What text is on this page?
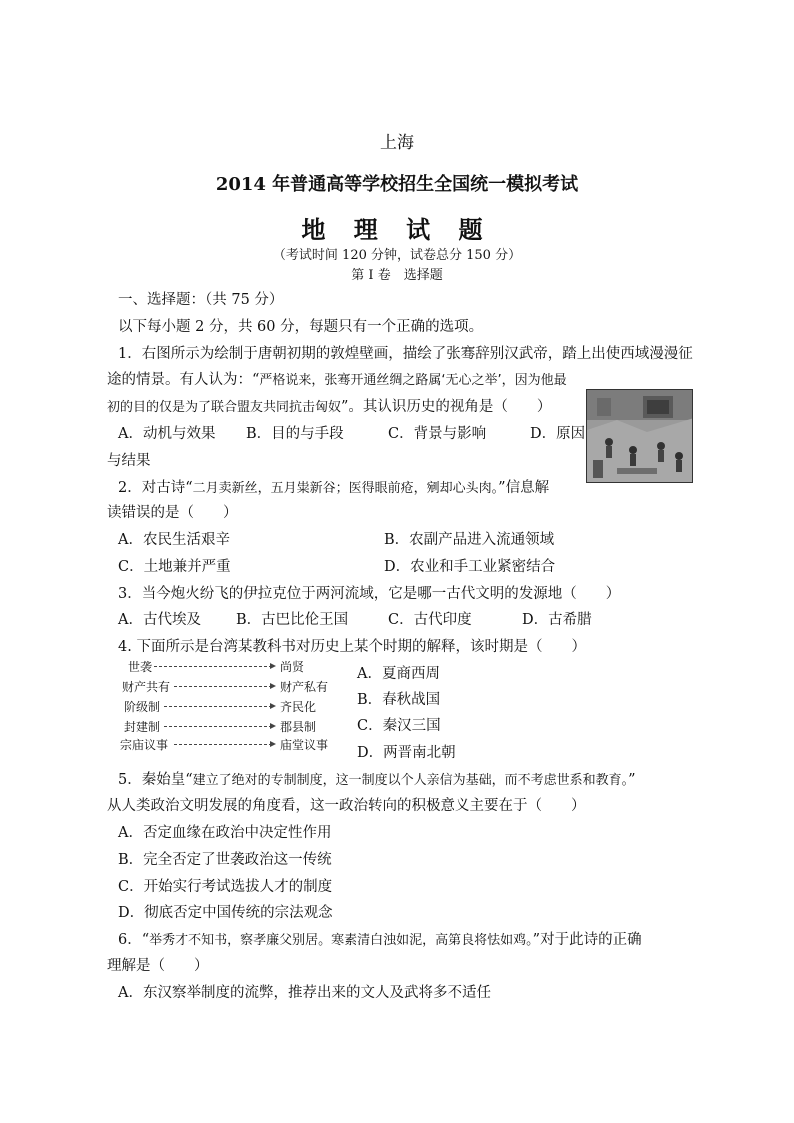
上海
2014 年普通高等学校招生全国统一模拟考试
地 理 试 题
（考试时间 120 分钟，试卷总分 150 分）
第 I 卷　选择题
一、选择题：（共 75 分）
以下每小题 2 分，共 60 分，每题只有一个正确的选项。
1．右图所示为绘制于唐朝初期的敦煌壁画，描绘了张骞辞别汉武帝，踏上出使西域漫漫征
途的情景。有人认为：“严格说来，张骞开通丝绸之路属‘无心之举’，因为他最
初的目的仅是为了联合盟友共同抗击匈奴”。其认识历史的视角是（　　）
A．动机与效果 B．目的与手段	C．背景与影响	D．原因
与结果
2．对古诗“二月卖新丝，五月粜新谷；医得眼前疮，剜却心头肉。”信息解
读错误的是（　　）
A．农民生活艰辛	B．农副产品进入流通领域
C．土地兼并严重	D．农业和手工业紧密结合
3．当今炮火纷飞的伊拉克位于两河流域，它是哪一古代文明的发源地（　　）
A．古代埃及 B．古巴比伦王国	C．古代印度	D．古希腊
4. 下面所示是台湾某教科书对历史上某个时期的解释，该时期是（　　）
世袭	尚贤
财产共有	财产私有
阶级制	齐民化
封建制	郡县制
宗庙议事	庙堂议事
A．夏商西周
B．春秋战国
C．秦汉三国
D．两晋南北朝
5．秦始皇“建立了绝对的专制制度，这一制度以个人亲信为基础，而不考虑世系和教育。”
从人类政治文明发展的角度看，这一政治转向的积极意义主要在于（　　）
A．否定血缘在政治中决定性作用
B．完全否定了世袭政治这一传统
C．开始实行考试选拔人才的制度
D．彻底否定中国传统的宗法观念
6．“举秀才不知书，察孝廉父别居。寒素清白浊如泥，高第良将怯如鸡。”对于此诗的正确
理解是（　　）
A．东汉察举制度的流弊，推荐出来的文人及武将多不适任
